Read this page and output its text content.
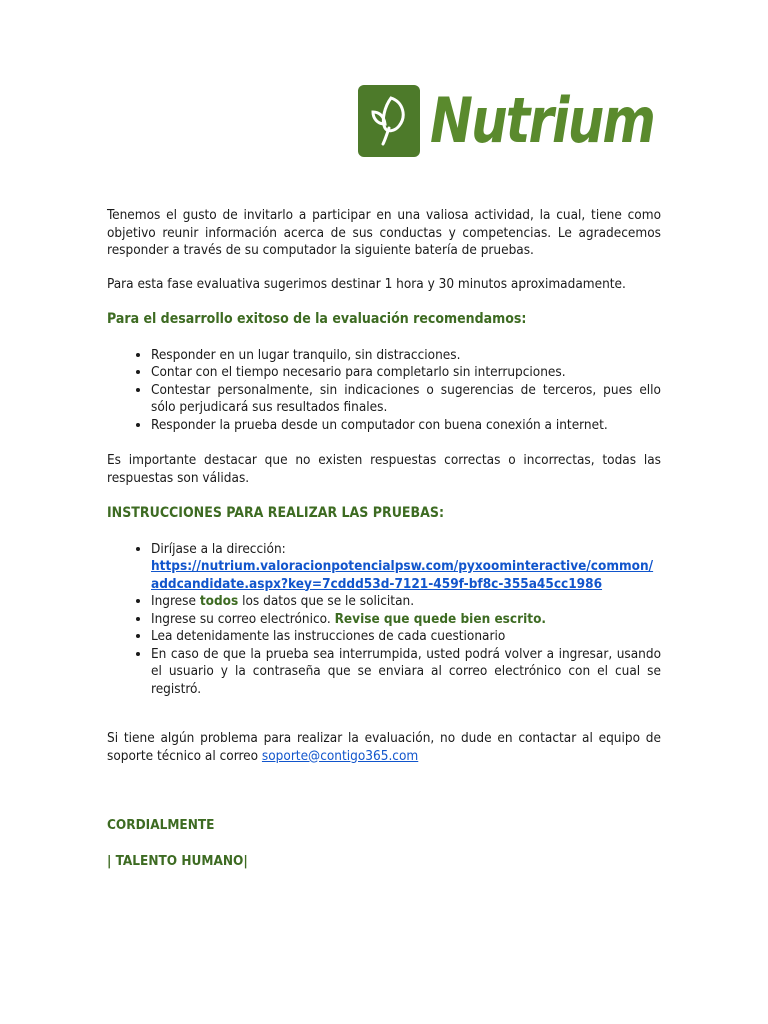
Nutrium

Tenemos el gusto de invitarlo a participar en una valiosa actividad, la cual, tiene como objetivo reunir información acerca de sus conductas y competencias. Le agradecemos responder a través de su computador la siguiente batería de pruebas.

Para esta fase evaluativa sugerimos destinar 1 hora y 30 minutos aproximadamente.

Para el desarrollo exitoso de la evaluación recomendamos:

• Responder en un lugar tranquilo, sin distracciones.
• Contar con el tiempo necesario para completarlo sin interrupciones.
• Contestar personalmente, sin indicaciones o sugerencias de terceros, pues ello sólo perjudicará sus resultados finales.
• Responder la prueba desde un computador con buena conexión a internet.

Es importante destacar que no existen respuestas correctas o incorrectas, todas las respuestas son válidas.

INSTRUCCIONES PARA REALIZAR LAS PRUEBAS:

• Diríjase a la dirección:
https://nutrium.valoracionpotencialpsw.com/pyxoominteractive/common/addcandidate.aspx?key=7cddd53d-7121-459f-bf8c-355a45cc1986
• Ingrese todos los datos que se le solicitan.
• Ingrese su correo electrónico. Revise que quede bien escrito.
• Lea detenidamente las instrucciones de cada cuestionario
• En caso de que la prueba sea interrumpida, usted podrá volver a ingresar, usando el usuario y la contraseña que se enviara al correo electrónico con el cual se registró.

Si tiene algún problema para realizar la evaluación, no dude en contactar al equipo de soporte técnico al correo soporte@contigo365.com

CORDIALMENTE

| TALENTO HUMANO|
